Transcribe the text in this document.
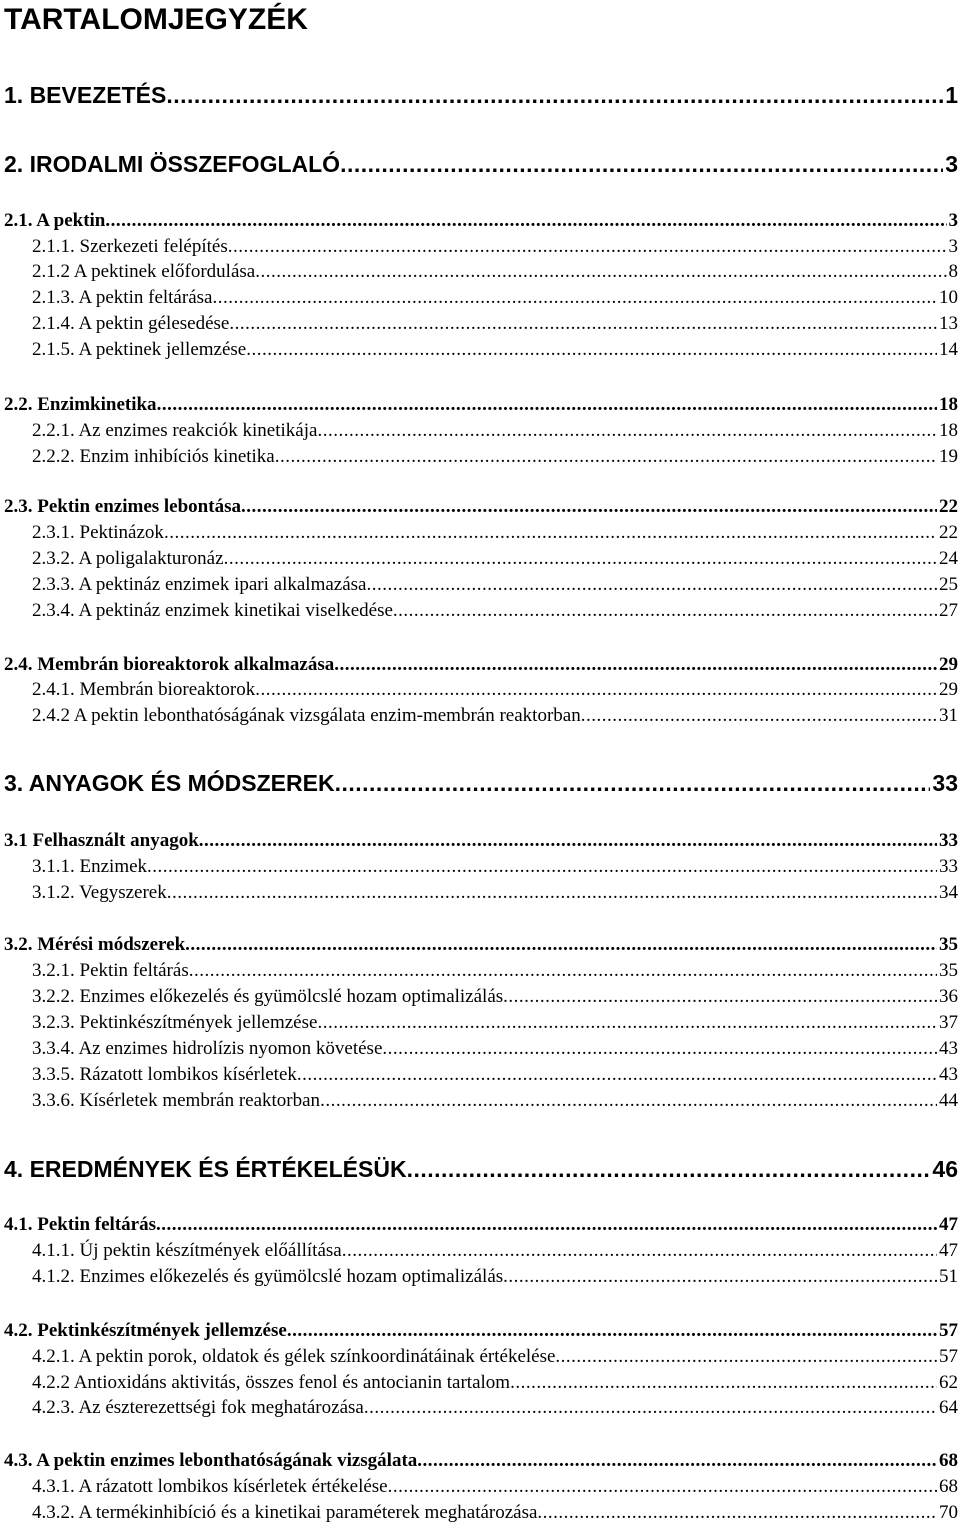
TARTALOMJEGYZÉK
1. BEVEZETÉS .....	1
2. IRODALMI ÖSSZEFOGLALÓ .....	3
2.1. A pektin .....	3
2.1.1. Szerkezeti felépítés .....	3
2.1.2 A pektinek előfordulása .....	8
2.1.3. A pektin feltárása .....	10
2.1.4. A pektin gélesedése .....	13
2.1.5. A pektinek jellemzése .....	14
2.2. Enzimkinetika .....	18
2.2.1. Az enzimes reakciók kinetikája .....	18
2.2.2. Enzim inhibíciós kinetika .....	19
2.3. Pektin enzimes lebontása .....	22
2.3.1. Pektinázok .....	22
2.3.2. A poligalakturonáz .....	24
2.3.3. A pektináz enzimek ipari alkalmazása .....	25
2.3.4. A pektináz enzimek kinetikai viselkedése .....	27
2.4. Membrán bioreaktorok alkalmazása .....	29
2.4.1. Membrán bioreaktorok .....	29
2.4.2 A pektin lebonthatóságának vizsgálata enzim-membrán reaktorban .....	31
3. ANYAGOK ÉS MÓDSZEREK .....	33
3.1 Felhasznált anyagok .....	33
3.1.1. Enzimek .....	33
3.1.2. Vegyszerek .....	34
3.2. Mérési módszerek .....	35
3.2.1. Pektin feltárás .....	35
3.2.2. Enzimes előkezelés és gyümölcslé hozam optimalizálás .....	36
3.2.3. Pektinkészítmények jellemzése .....	37
3.3.4. Az enzimes hidrolízis nyomon követése .....	43
3.3.5. Rázatott lombikos kísérletek .....	43
3.3.6. Kísérletek membrán reaktorban .....	44
4. EREDMÉNYEK ÉS ÉRTÉKELÉSÜK .....	46
4.1. Pektin feltárás .....	47
4.1.1. Új pektin készítmények előállítása .....	47
4.1.2. Enzimes előkezelés és gyümölcslé hozam optimalizálás .....	51
4.2. Pektinkészítmények jellemzése .....	57
4.2.1. A pektin porok, oldatok és gélek színkoordinátáinak értékelése .....	57
4.2.2 Antioxidáns aktivitás, összes fenol és antocianin tartalom .....	62
4.2.3. Az észterezettségi fok meghatározása .....	64
4.3. A pektin enzimes lebonthatóságának vizsgálata .....	68
4.3.1. A rázatott lombikos kísérletek értékelése .....	68
4.3.2. A termékinhibíció és a kinetikai paraméterek meghatározása .....	70
